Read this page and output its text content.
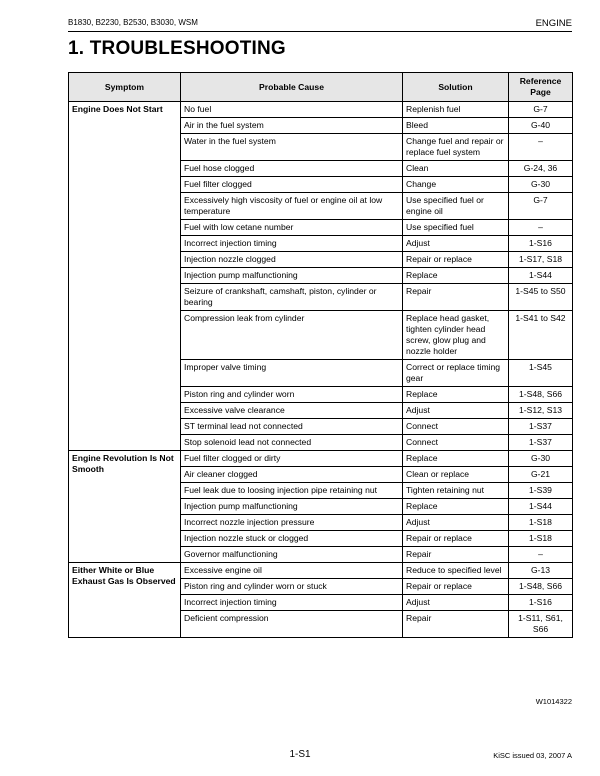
B1830, B2230, B2530, B3030, WSM	ENGINE
1. TROUBLESHOOTING
Symptom	Probable Cause	Solution	Reference Page
Engine Does Not Start	No fuel	Replenish fuel	G-7
	Air in the fuel system	Bleed	G-40
	Water in the fuel system	Change fuel and repair or replace fuel system	–
	Fuel hose clogged	Clean	G-24, 36
	Fuel filter clogged	Change	G-30
	Excessively high viscosity of fuel or engine oil at low temperature	Use specified fuel or engine oil	G-7
	Fuel with low cetane number	Use specified fuel	–
	Incorrect injection timing	Adjust	1-S16
	Injection nozzle clogged	Repair or replace	1-S17, S18
	Injection pump malfunctioning	Replace	1-S44
	Seizure of crankshaft, camshaft, piston, cylinder or bearing	Repair	1-S45 to S50
	Compression leak from cylinder	Replace head gasket, tighten cylinder head screw, glow plug and nozzle holder	1-S41 to S42
	Improper valve timing	Correct or replace timing gear	1-S45
	Piston ring and cylinder worn	Replace	1-S48, S66
	Excessive valve clearance	Adjust	1-S12, S13
	ST terminal lead not connected	Connect	1-S37
	Stop solenoid lead not connected	Connect	1-S37
Engine Revolution Is Not Smooth	Fuel filter clogged or dirty	Replace	G-30
	Air cleaner clogged	Clean or replace	G-21
	Fuel leak due to loosing injection pipe retaining nut	Tighten retaining nut	1-S39
	Injection pump malfunctioning	Replace	1-S44
	Incorrect nozzle injection pressure	Adjust	1-S18
	Injection nozzle stuck or clogged	Repair or replace	1-S18
	Governor malfunctioning	Repair	–
Either White or Blue Exhaust Gas Is Observed	Excessive engine oil	Reduce to specified level	G-13
	Piston ring and cylinder worn or stuck	Repair or replace	1-S48, S66
	Incorrect injection timing	Adjust	1-S16
	Deficient compression	Repair	1-S11, S61, S66
W1014322
1-S1	KiSC issued 03, 2007 A
